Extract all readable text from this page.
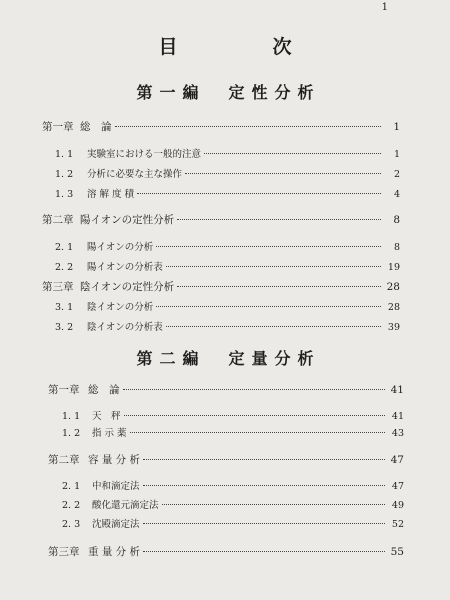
1
目　次
第一編　定性分析
第一章 総　論	1
1. 1	実験室における一般的注意	1
1. 2	分析に必要な主な操作	2
1. 3	溶 解 度 積	4
第二章 陽イオンの定性分析	8
2. 1	陽イオンの分析	8
2. 2	陽イオンの分析表	19
第三章 陰イオンの定性分析	28
3. 1	陰イオンの分析	28
3. 2	陰イオンの分析表	39
第二編　定量分析
第一章 総　論	41
1. 1	天　秤	41
1. 2	指 示 薬	43
第二章 容 量 分 析	47
2. 1	中和滴定法	47
2. 2	酸化還元滴定法	49
2. 3	沈殿滴定法	52
第三章 重 量 分 析	55
